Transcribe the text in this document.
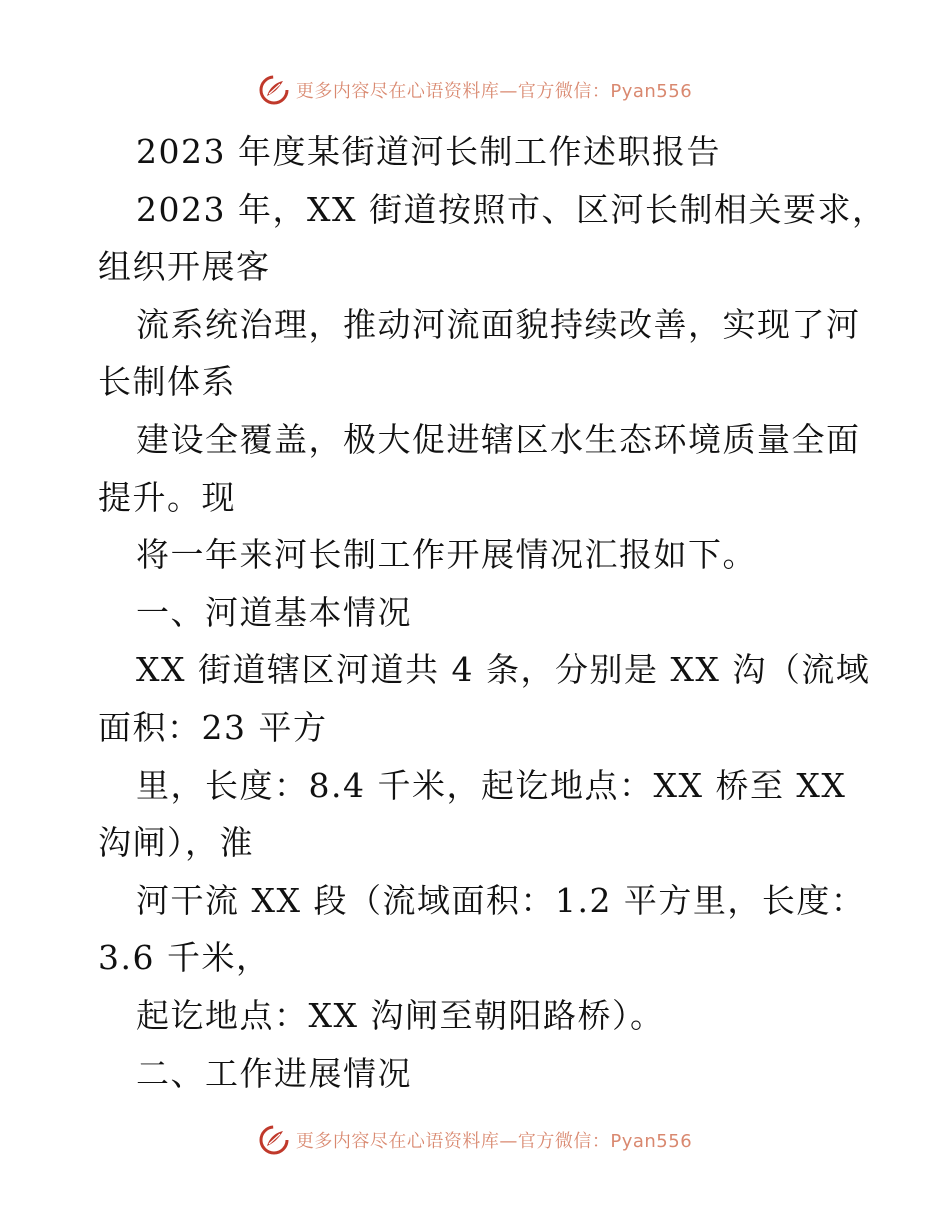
更多内容尽在心语资料库—官方微信：Pyan556
2023 年度某街道河长制工作述职报告
2023 年，XX 街道按照市、区河长制相关要求，
组织开展客
流系统治理，推动河流面貌持续改善，实现了河
长制体系
建设全覆盖，极大促进辖区水生态环境质量全面
提升。现
将一年来河长制工作开展情况汇报如下。
一、河道基本情况
XX 街道辖区河道共 4 条，分别是 XX 沟（流域
面积：23 平方
里，长度：8.4 千米，起讫地点：XX 桥至 XX
沟闸），淮
河干流 XX 段（流域面积：1.2 平方里，长度：
3.6 千米，
起讫地点：XX 沟闸至朝阳路桥）。
二、工作进展情况
更多内容尽在心语资料库—官方微信：Pyan556
